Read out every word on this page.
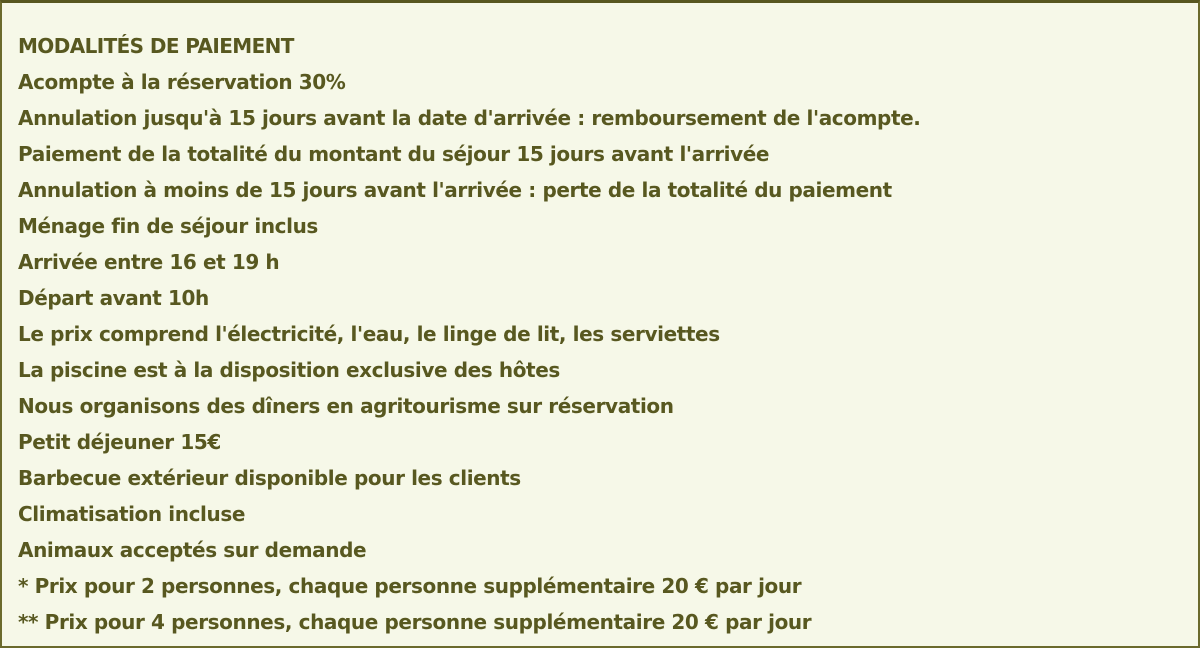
MODALITÉS DE PAIEMENT

Acompte à la réservation 30%

Annulation jusqu'à 15 jours avant la date d'arrivée : remboursement de l'acompte.

Paiement de la totalité du montant du séjour 15 jours avant l'arrivée

Annulation à moins de 15 jours avant l'arrivée : perte de la totalité du paiement

Ménage fin de séjour inclus

Arrivée entre 16 et 19 h

Départ avant 10h

Le prix comprend l'électricité, l'eau, le linge de lit, les serviettes

La piscine est à la disposition exclusive des hôtes

Nous organisons des dîners en agritourisme sur réservation

Petit déjeuner 15€

Barbecue extérieur disponible pour les clients

Climatisation incluse

Animaux acceptés sur demande

* Prix pour 2 personnes, chaque personne supplémentaire 20 € par jour

** Prix pour 4 personnes, chaque personne supplémentaire 20 € par jour
